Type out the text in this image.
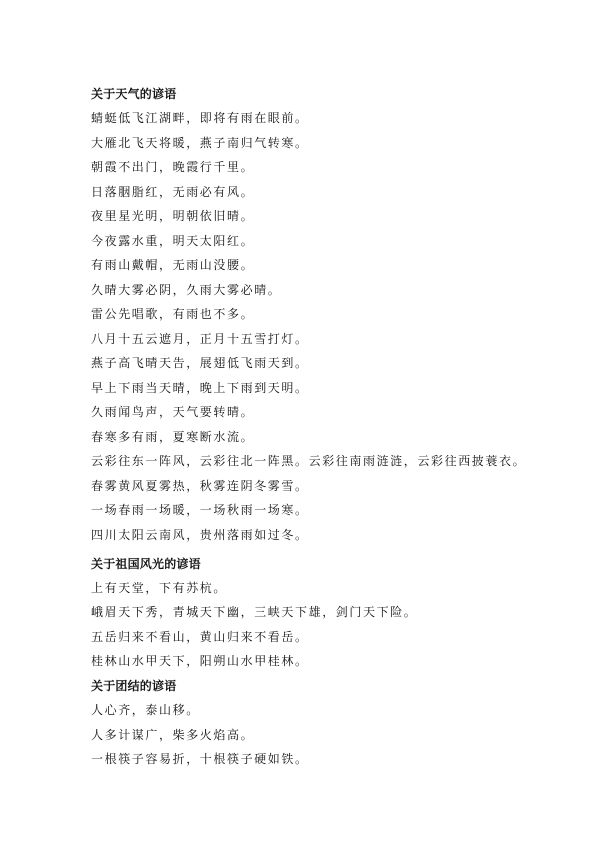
关于天气的谚语
蜻蜓低飞江湖畔，即将有雨在眼前。
大雁北飞天将暖，燕子南归气转寒。
朝霞不出门，晚霞行千里。
日落胭脂红，无雨必有风。
夜里星光明，明朝依旧晴。
今夜露水重，明天太阳红。
有雨山戴帽，无雨山没腰。
久晴大雾必阴，久雨大雾必晴。
雷公先唱歌，有雨也不多。
八月十五云遮月，正月十五雪打灯。
燕子高飞晴天告，展翅低飞雨天到。
早上下雨当天晴，晚上下雨到天明。
久雨闻鸟声，天气要转晴。
春寒多有雨，夏寒断水流。
云彩往东一阵风，云彩往北一阵黑。云彩往南雨涟涟，云彩往西披蓑衣。
春雾黄风夏雾热，秋雾连阴冬雾雪。
一场春雨一场暖，一场秋雨一场寒。
四川太阳云南风，贵州落雨如过冬。
关于祖国风光的谚语
上有天堂，下有苏杭。
峨眉天下秀，青城天下幽，三峡天下雄，剑门天下险。
五岳归来不看山，黄山归来不看岳。
桂林山水甲天下，阳朔山水甲桂林。
关于团结的谚语
人心齐，泰山移。
人多计谋广，柴多火焰高。
一根筷子容易折，十根筷子硬如铁。
